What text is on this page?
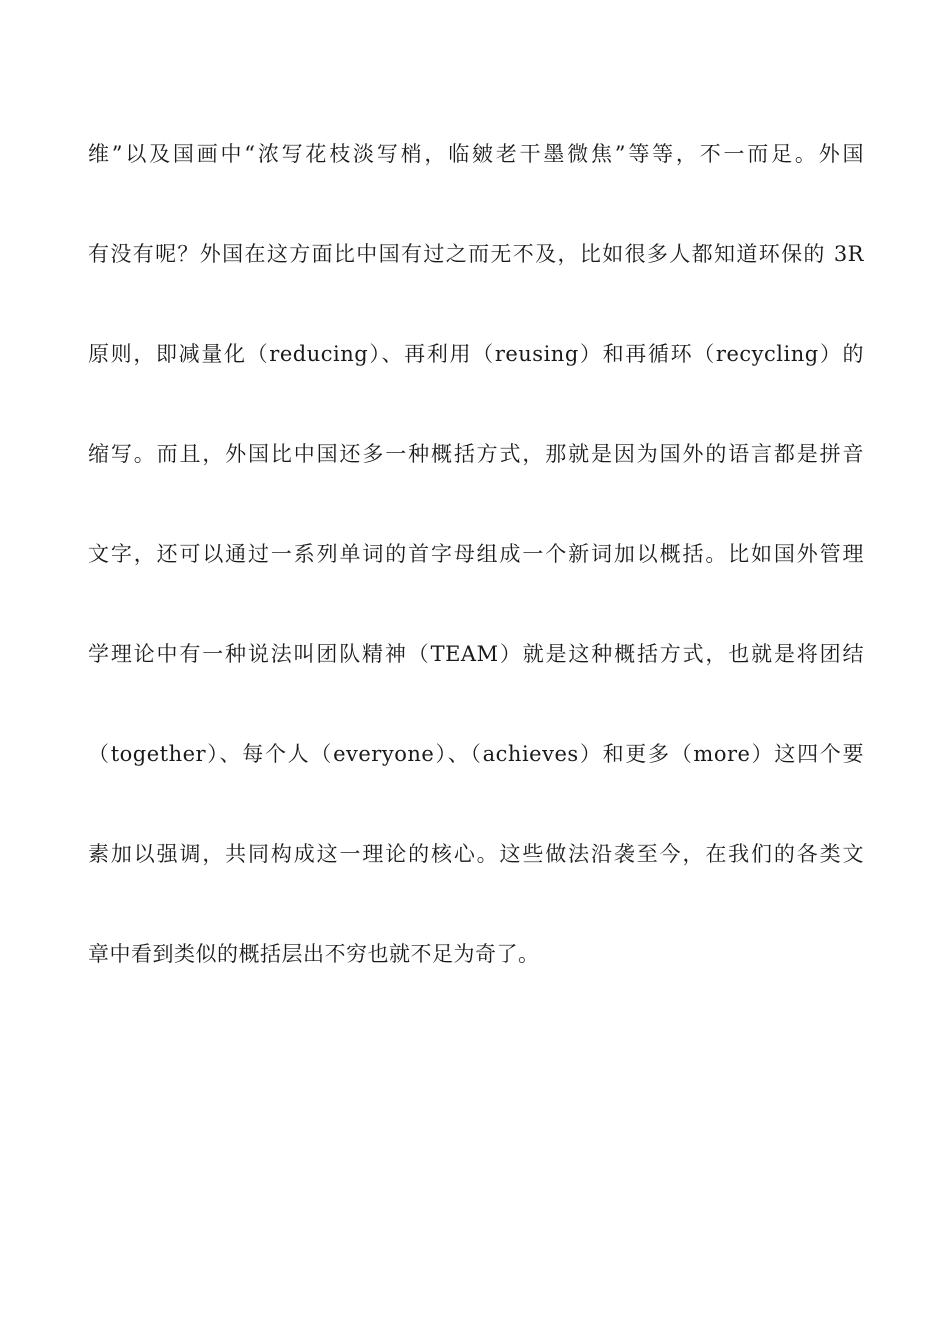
维”以及国画中“浓写花枝淡写梢，临皴老干墨微焦”等等，不一而足。外国
有没有呢？外国在这方面比中国有过之而无不及，比如很多人都知道环保的 3R
原则，即减量化（reducing）、再利用（reusing）和再循环（recycling）的
缩写。而且，外国比中国还多一种概括方式，那就是因为国外的语言都是拼音
文字，还可以通过一系列单词的首字母组成一个新词加以概括。比如国外管理
学理论中有一种说法叫团队精神（TEAM）就是这种概括方式，也就是将团结
（together）、每个人（everyone）、（achieves）和更多（more）这四个要
素加以强调，共同构成这一理论的核心。这些做法沿袭至今，在我们的各类文
章中看到类似的概括层出不穷也就不足为奇了。
